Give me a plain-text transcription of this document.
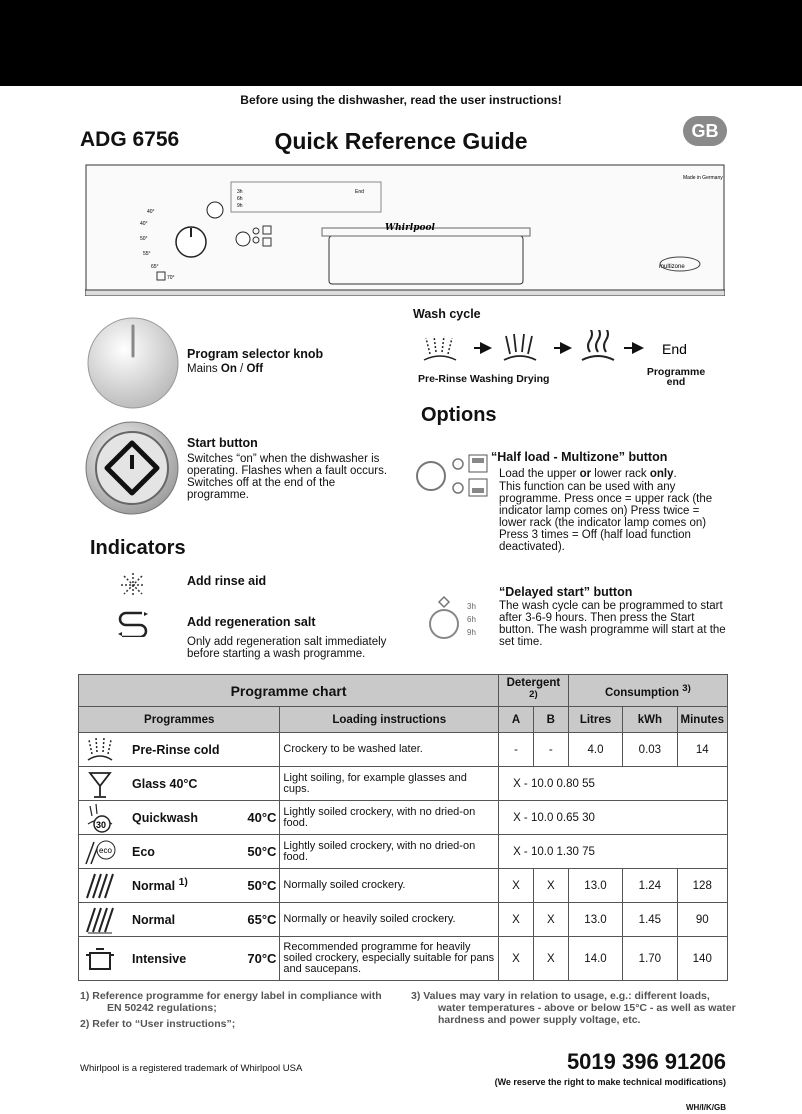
Before using the dishwasher, read the user instructions!
ADG 6756	Quick Reference Guide	GB
Whirlpool
Made in Germany
multizone
3h
6h
9h
End
40°
40°
50°
55°
65°
70°
Program selector knob
Mains On / Off
Start button
Switches “on” when the dishwasher is operating. Flashes when a fault occurs. Switches off at the end of the programme.
Indicators
Add rinse aid
Add regeneration salt
Only add regeneration salt immediately before starting a wash programme.
Wash cycle
End
Pre-Rinse Washing Drying
Programme end
Options
“Half load - Multizone” button
Load the upper or lower rack only.
This function can be used with any programme. Press once = upper rack (the indicator lamp comes on) Press twice = lower rack (the indicator lamp comes on) Press 3 times = Off (half load function deactivated).
3h
6h
9h
“Delayed start” button
The wash cycle can be programmed to start after 3-6-9 hours. Then press the Start button. The wash programme will start at the set time.
Programme chart		Detergent $^{2)}$		Consumption $^{3)}$
Programmes	Loading instructions	A	B	Litres	kWh	Minutes

Pre-Rinse cold	Crockery to be washed later.	-	-	4.0	0.03	14

Glass 40°C	Light soiling, for example glasses and cups.	X - 10.0 0.80 55				

30 Quickwash 40°C	Lightly soiled crockery, with no dried-on food.	X - 10.0 0.65 30				

eco Eco 50°C	Lightly soiled crockery, with no dried-on food.	X - 10.0 1.30 75				

Normal $^{1)}$ 50°C	Normally soiled crockery.	X	X	13.0	1.24	128

Normal 65°C	Normally or heavily soiled crockery.	X	X	13.0	1.45	90

Intensive 70°C	Recommended programme for heavily soiled crockery, especially suitable for pans and saucepans.	X	X	14.0	1.70	140
1) Reference programme for energy label in compliance with
EN 50242 regulations;
2) Refer to “User instructions”;
3) Values may vary in relation to usage, e.g.: different loads,
water temperatures - above or below 15°C - as well as water
hardness and power supply voltage, etc.
Whirlpool is a registered trademark of Whirlpool USA	5019 396 91206
(We reserve the right to make technical modifications)
WH/I/K/GB
